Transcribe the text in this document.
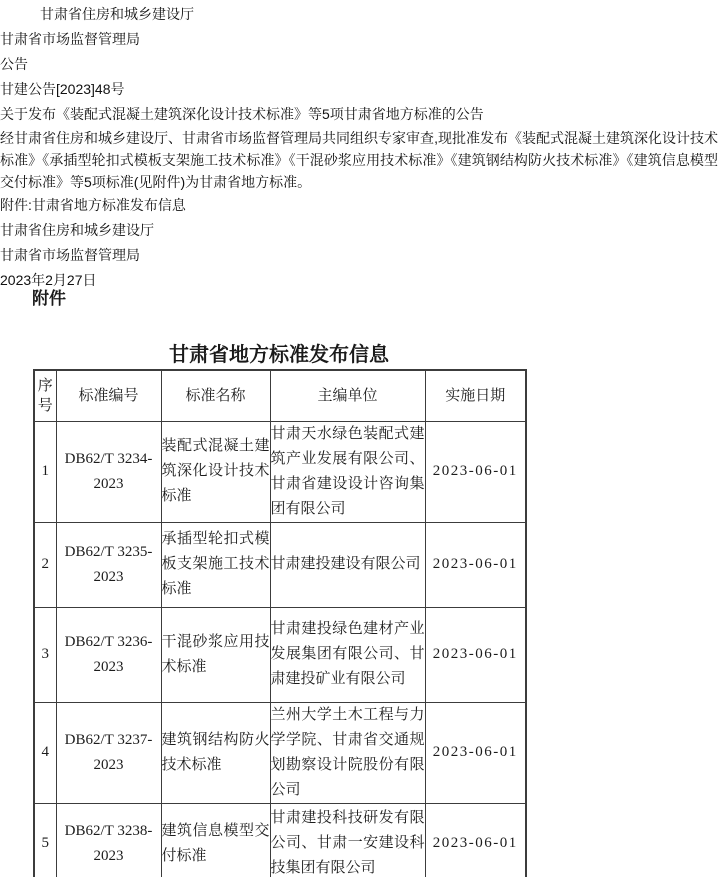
甘肃省住房和城乡建设厅

甘肃省市场监督管理局

公告

甘建公告[2023]48号

关于发布《装配式混凝土建筑深化设计技术标准》等5项甘肃省地方标准的公告

经甘肃省住房和城乡建设厅、甘肃省市场监督管理局共同组织专家审查,现批准发布《装配式混凝土建筑深化设计技术标准》《承插型轮扣式模板支架施工技术标准》《干混砂浆应用技术标准》《建筑钢结构防火技术标准》《建筑信息模型交付标准》等5项标准(见附件)为甘肃省地方标准。

附件:甘肃省地方标准发布信息

甘肃省住房和城乡建设厅

甘肃省市场监督管理局

2023年2月27日

附件
甘肃省地方标准发布信息
序号	标准编号	标准名称	主编单位	实施日期
1	DB62/T 3234-2023	装配式混凝土建筑深化设计技术标准	甘肃天水绿色装配式建筑产业发展有限公司、甘肃省建设设计咨询集团有限公司	2023-06-01
2	DB62/T 3235-2023	承插型轮扣式模板支架施工技术标准	甘肃建投建设有限公司	2023-06-01
3	DB62/T 3236-2023	干混砂浆应用技术标准	甘肃建投绿色建材产业发展集团有限公司、甘肃建投矿业有限公司	2023-06-01
4	DB62/T 3237-2023	建筑钢结构防火技术标准	兰州大学土木工程与力学学院、甘肃省交通规划勘察设计院股份有限公司	2023-06-01
5	DB62/T 3238-2023	建筑信息模型交付标准	甘肃建投科技研发有限公司、甘肃一安建设科技集团有限公司	2023-06-01
